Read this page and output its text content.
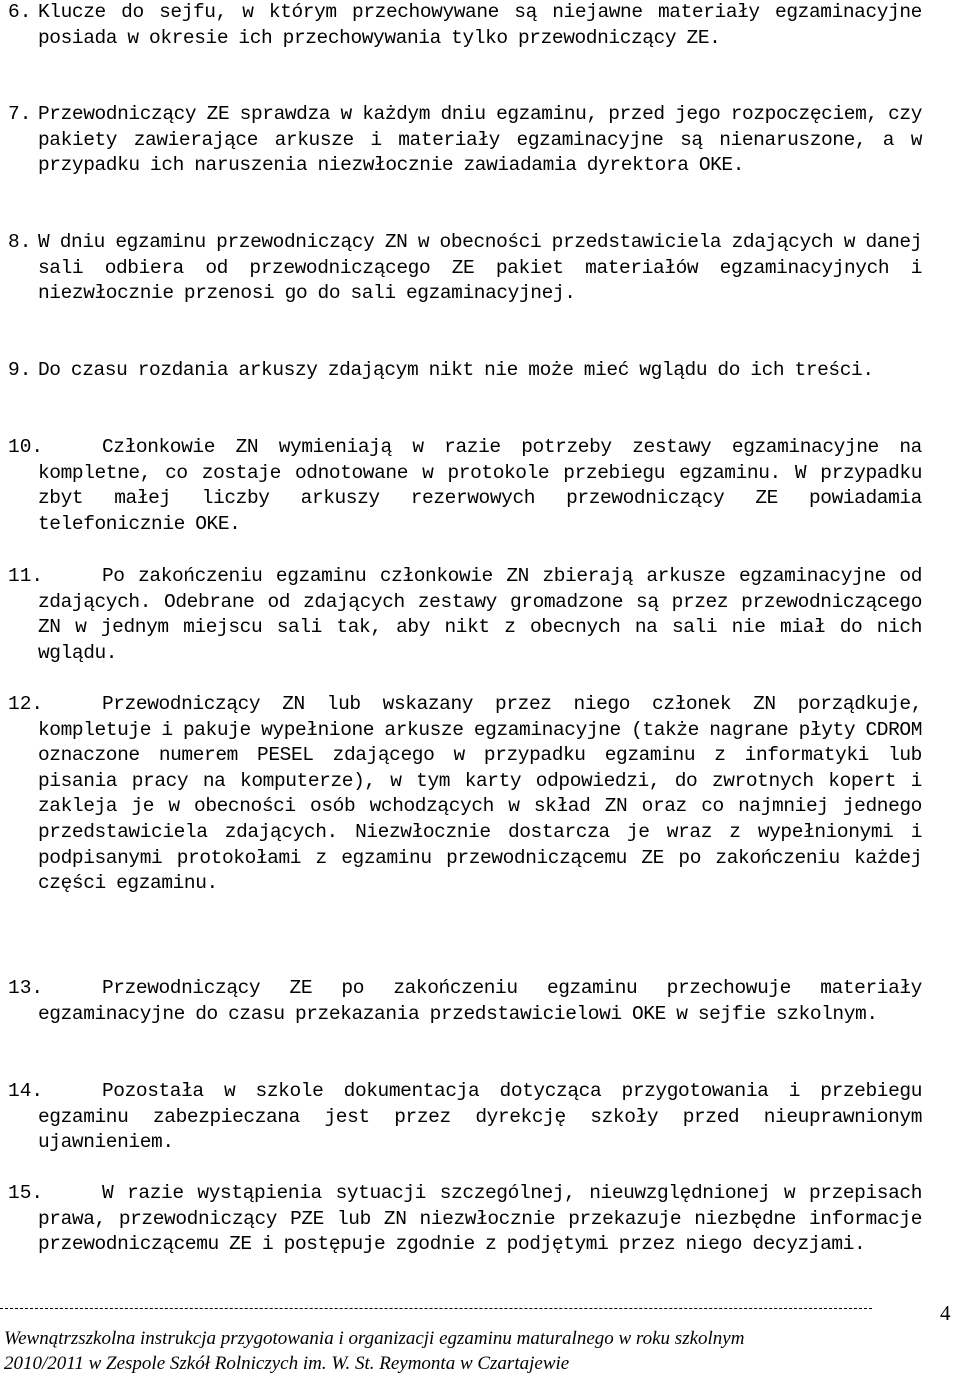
6. Klucze do sejfu, w którym przechowywane są niejawne materiały egzaminacyjne posiada w okresie ich przechowywania tylko przewodniczący ZE.
7. Przewodniczący ZE sprawdza w każdym dniu egzaminu, przed jego rozpoczęciem, czy pakiety zawierające arkusze i materiały egzaminacyjne są nienaruszone, a w przypadku ich naruszenia niezwłocznie zawiadamia dyrektora OKE.
8. W dniu egzaminu przewodniczący ZN w obecności przedstawiciela zdających w danej sali odbiera od przewodniczącego ZE pakiet materiałów egzaminacyjnych i niezwłocznie przenosi go do sali egzaminacyjnej.
9. Do czasu rozdania arkuszy zdającym nikt nie może mieć wglądu do ich treści.
10.	Członkowie ZN wymieniają w razie potrzeby zestawy egzaminacyjne na kompletne, co zostaje odnotowane w protokole przebiegu egzaminu. W przypadku zbyt małej liczby arkuszy rezerwowych przewodniczący ZE powiadamia telefonicznie OKE.
11.	Po zakończeniu egzaminu członkowie ZN zbierają arkusze egzaminacyjne od zdających. Odebrane od zdających zestawy gromadzone są przez przewodniczącego ZN w jednym miejscu sali tak, aby nikt z obecnych na sali nie miał do nich wglądu.
12.	Przewodniczący ZN lub wskazany przez niego członek ZN porządkuje, kompletuje i pakuje wypełnione arkusze egzaminacyjne (także nagrane płyty CDROM oznaczone numerem PESEL zdającego w przypadku egzaminu z informatyki lub pisania pracy na komputerze), w tym karty odpowiedzi, do zwrotnych kopert i zakleja je w obecności osób wchodzących w skład ZN oraz co najmniej jednego przedstawiciela zdających. Niezwłocznie dostarcza je wraz z wypełnionymi i podpisanymi protokołami z egzaminu przewodniczącemu ZE po zakończeniu każdej części egzaminu.
13.	Przewodniczący ZE po zakończeniu egzaminu przechowuje materiały egzaminacyjne do czasu przekazania przedstawicielowi OKE w sejfie szkolnym.
14.	Pozostała w szkole dokumentacja dotycząca przygotowania i przebiegu egzaminu zabezpieczana jest przez dyrekcję szkoły przed nieuprawnionym ujawnieniem.
15.	W razie wystąpienia sytuacji szczególnej, nieuwzględnionej w przepisach prawa, przewodniczący PZE lub ZN niezwłocznie przekazuje niezbędne informacje przewodniczącemu ZE i postępuje zgodnie z podjętymi przez niego decyzjami.
Wewnątrzszkolna instrukcja przygotowania i organizacji egzaminu maturalnego w roku szkolnym
2010/2011 w Zespole Szkół Rolniczych im. W. St. Reymonta w Czartajewie
4
